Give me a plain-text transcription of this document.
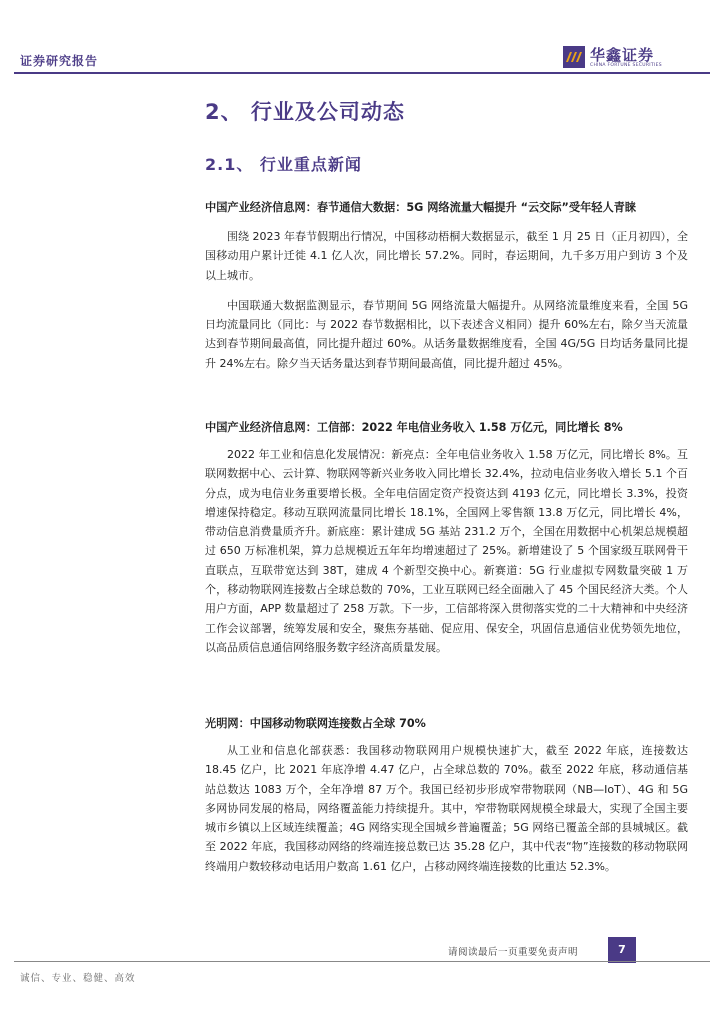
证券研究报告	华鑫证券
CHINA FORTUNE SECURITIES
2、 行业及公司动态
2.1、 行业重点新闻
中国产业经济信息网：春节通信大数据：5G 网络流量大幅提升 “云交际”受年轻人青睐

围绕 2023 年春节假期出行情况，中国移动梧桐大数据显示，截至 1 月 25 日（正月初四），全国移动用户累计迁徙 4.1 亿人次，同比增长 57.2%。同时，春运期间，九千多万用户到访 3 个及以上城市。

中国联通大数据监测显示，春节期间 5G 网络流量大幅提升。从网络流量维度来看，全国 5G 日均流量同比（同比：与 2022 春节数据相比，以下表述含义相同）提升 60%左右，除夕当天流量达到春节期间最高值，同比提升超过 60%。从话务量数据维度看，全国 4G/5G 日均话务量同比提升 24%左右。除夕当天话务量达到春节期间最高值，同比提升超过 45%。

中国产业经济信息网：工信部：2022 年电信业务收入 1.58 万亿元，同比增长 8%

2022 年工业和信息化发展情况：新亮点：全年电信业务收入 1.58 万亿元，同比增长 8%。互联网数据中心、云计算、物联网等新兴业务收入同比增长 32.4%，拉动电信业务收入增长 5.1 个百分点，成为电信业务重要增长极。全年电信固定资产投资达到 4193 亿元，同比增长 3.3%，投资增速保持稳定。移动互联网流量同比增长 18.1%，全国网上零售额 13.8 万亿元，同比增长 4%，带动信息消费量质齐升。新底座：累计建成 5G 基站 231.2 万个，全国在用数据中心机架总规模超过 650 万标准机架，算力总规模近五年年均增速超过了 25%。新增建设了 5 个国家级互联网骨干直联点，互联带宽达到 38T，建成 4 个新型交换中心。新赛道：5G 行业虚拟专网数量突破 1 万个，移动物联网连接数占全球总数的 70%，工业互联网已经全面融入了 45 个国民经济大类。个人用户方面，APP 数量超过了 258 万款。下一步，工信部将深入贯彻落实党的二十大精神和中央经济工作会议部署，统筹发展和安全，聚焦夯基础、促应用、保安全，巩固信息通信业优势领先地位，以高品质信息通信网络服务数字经济高质量发展。

光明网：中国移动物联网连接数占全球 70%

从工业和信息化部获悉：我国移动物联网用户规模快速扩大，截至 2022 年底，连接数达 18.45 亿户，比 2021 年底净增 4.47 亿户，占全球总数的 70%。截至 2022 年底，移动通信基站总数达 1083 万个，全年净增 87 万个。我国已经初步形成窄带物联网（NB—IoT）、4G 和 5G 多网协同发展的格局，网络覆盖能力持续提升。其中，窄带物联网规模全球最大，实现了全国主要城市乡镇以上区域连续覆盖；4G 网络实现全国城乡普遍覆盖；5G 网络已覆盖全部的县城城区。截至 2022 年底，我国移动网络的终端连接总数已达 35.28 亿户，其中代表“物”连接数的移动物联网终端用户数较移动电话用户数高 1.61 亿户，占移动网终端连接数的比重达 52.3%。

请阅读最后一页重要免责声明	7
诚信、专业、稳健、高效
